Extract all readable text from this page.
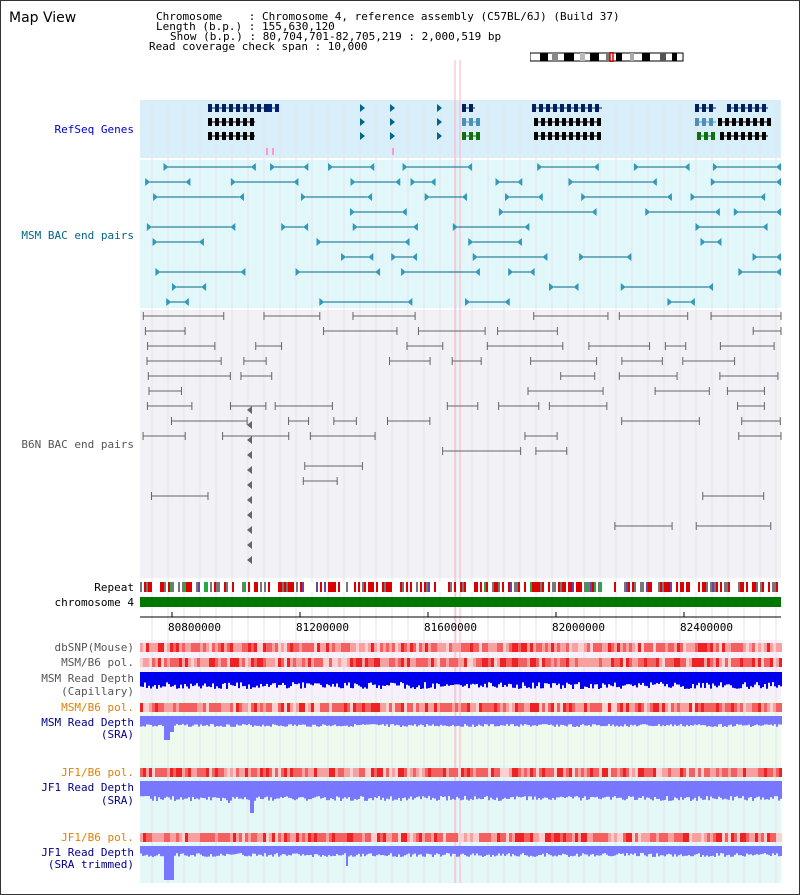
Map View	Chromosome    : Chromosome 4, reference assembly (C57BL/6J) (Build 37)
Length (b.p.) : 155,630,120
Show (b.p.) : 80,704,701-82,705,219 : 2,000,519 bp
Read coverage check span : 10,000
RefSeq Genes
MSM BAC end pairs
B6N BAC end pairs
Repeat
chromosome 4
80800000	81200000	81600000	82000000	82400000
dbSNP(Mouse)
MSM/B6 pol.
MSM Read Depth
(Capillary)
MSM/B6 pol.
MSM Read Depth
(SRA)
JF1/B6 pol.
JF1 Read Depth
(SRA)
JF1/B6 pol.
JF1 Read Depth
(SRA trimmed)
